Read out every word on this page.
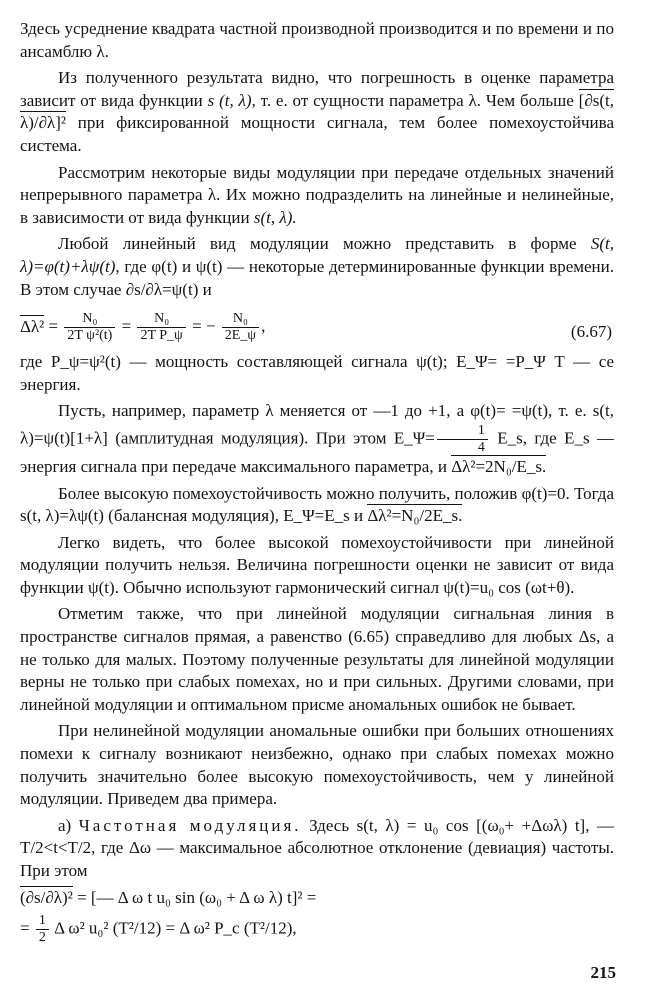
Здесь усреднение квадрата частной производной производится и по времени и по ансамблю λ.

Из полученного результата видно, что погрешность в оценке параметра зависит от вида функции s (t, λ), т. е. от сущности параметра λ. Чем больше [∂s(t, λ)/∂λ]² при фиксированной мощности сигнала, тем более помехоустойчива система.

Рассмотрим некоторые виды модуляции при передаче отдельных значений непрерывного параметра λ. Их можно подразделить на линейные и нелинейные, в зависимости от вида функции s(t, λ).

Любой линейный вид модуляции можно представить в форме S(t, λ)=φ(t)+λψ(t), где φ(t) и ψ(t) — некоторые детерминированные функции времени. В этом случае ∂s/∂λ=ψ(t) и

$\Delta\lambda^2 = \frac{\text{N₀}}{\text{2T ψ²(t)}} = \frac{\text{N₀}}{\text{2T P\_ψ}}$ = − $\frac{\text{N₀}}{2E\_\psi}$ ,	(6.67)

где P_ψ=ψ²(t) — мощность составляющей сигнала ψ(t); E_Ψ= =P_Ψ T — се энергия.

Пусть, например, параметр λ меняется от —1 до +1, а φ(t)= =ψ(t), т. е. s(t, λ)=ψ(t)[1+λ] (амплитудная модуляция). При этом E_Ψ= $\frac{1}{4}$ E_s, где E_s — энергия сигнала при передаче максимального параметра, и Δλ²=2N₀/E_s.

Более высокую помехоустойчивость можно получить, положив φ(t)=0. Тогда s(t, λ)=λψ(t) (балансная модуляция), E_Ψ=E_s и Δλ²=N₀/2E_s.

Легко видеть, что более высокой помехоустойчивости при линейной модуляции получить нельзя. Величина погрешности оценки не зависит от вида функции ψ(t). Обычно используют гармонический сигнал ψ(t)=u₀ cos (ωt+θ).

Отметим также, что при линейной модуляции сигнальная линия в пространстве сигналов прямая, а равенство (6.65) справедливо для любых Δs, а не только для малых. Поэтому полученные результаты для линейной модуляции верны не только при слабых помехах, но и при сильных. Другими словами, при линейной модуляции и оптимальном присме аномальных ошибок не бывает.

При нелинейной модуляции аномальные ошибки при больших отношениях помехи к сигналу возникают неизбежно, однако при слабых помехах можно получить значительно более высокую помехоустойчивость, чем у линейной модуляции. Приведем два примера.

а) Частотная модуляция. Здесь s(t, λ) = u₀ cos [(ω₀+ +Δωλ) t], — T/2<t<T/2, где Δω — максимальное абсолютное отклонение (девиация) частоты. При этом

(∂s/∂λ)² = [— Δ ω t u₀ sin (ω₀ + Δ ω λ) t]² =

= $\frac{1}{2}$ Δ ω² u₀² (T²/12) = Δ ω² P_c (T²/12),

215
